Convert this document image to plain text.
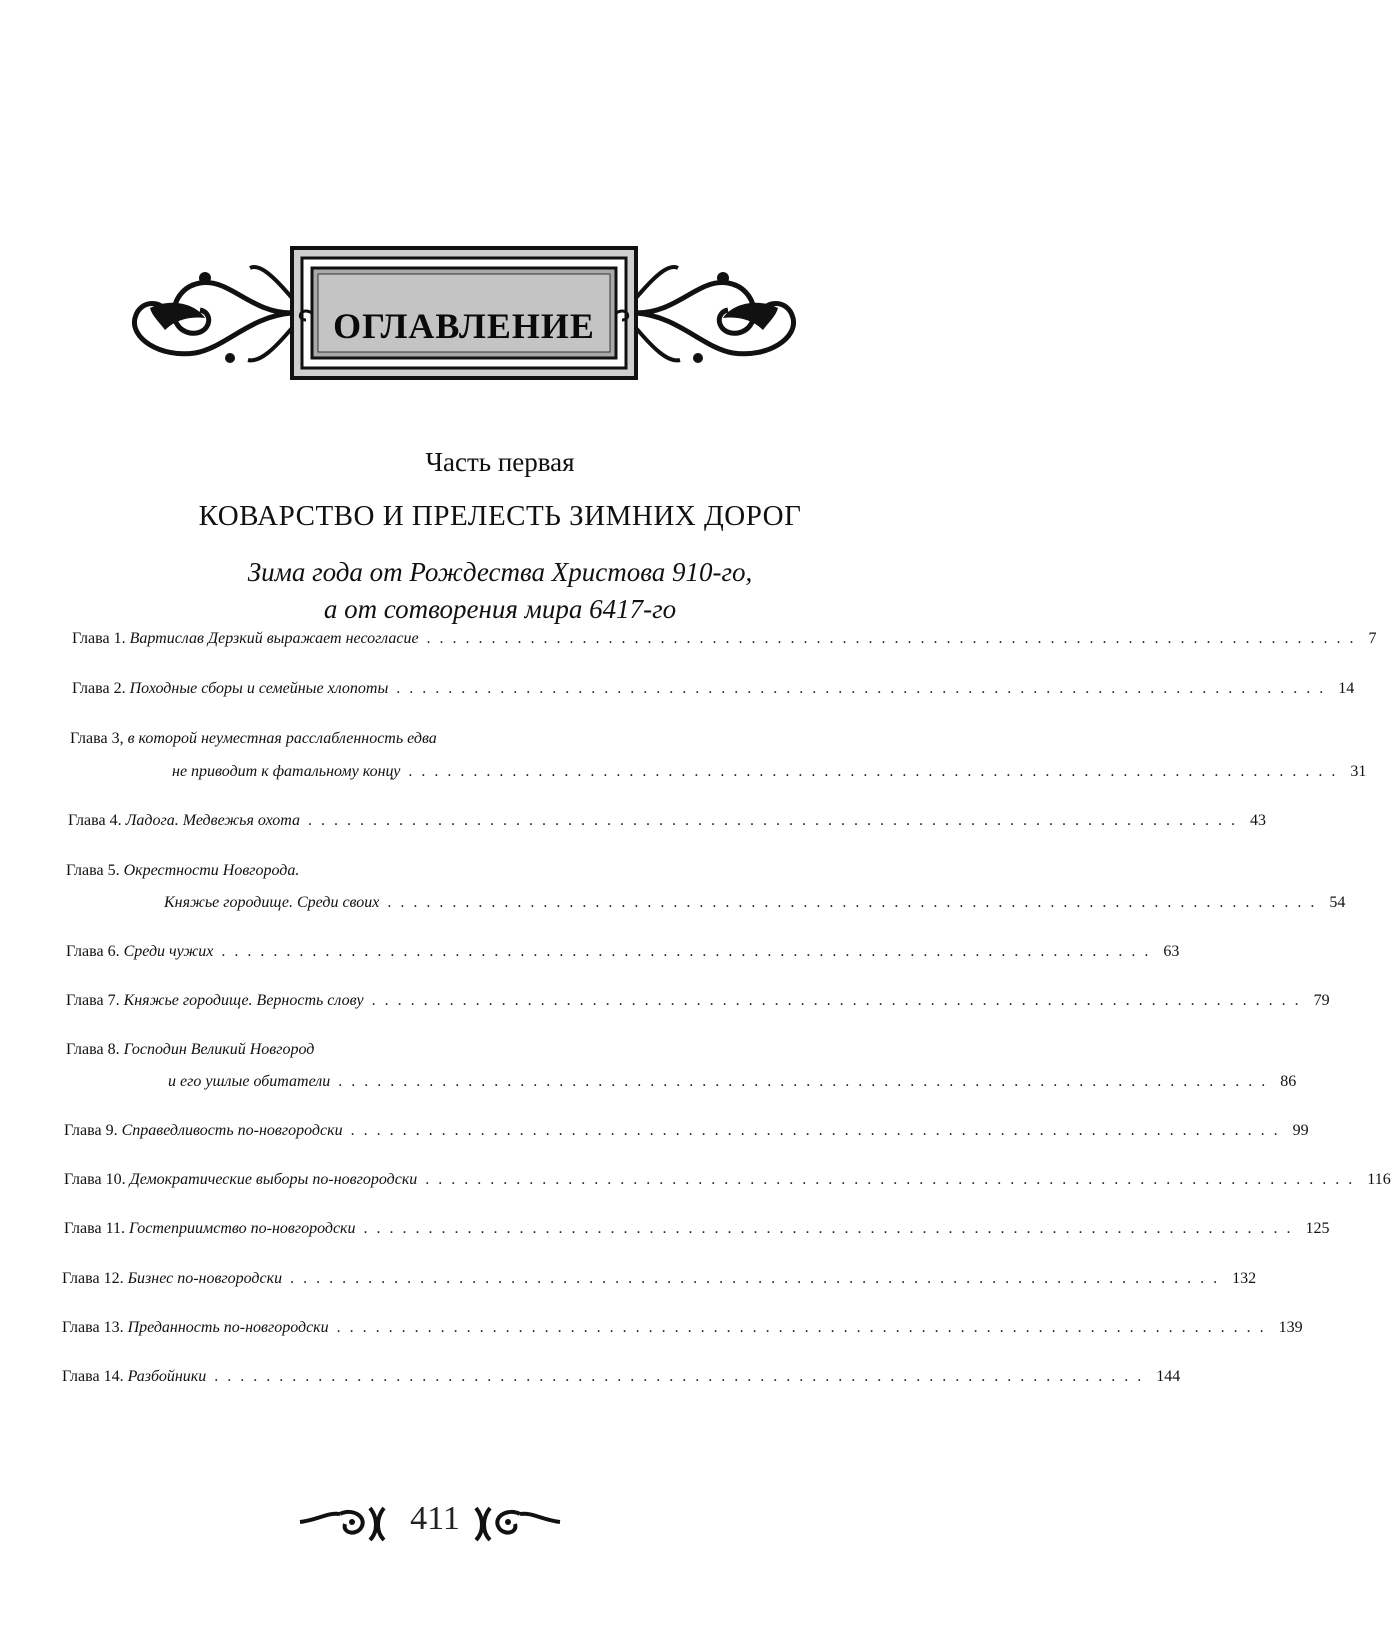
ОГЛАВЛЕНИЕ
Часть первая
КОВАРСТВО И ПРЕЛЕСТЬ ЗИМНИХ ДОРОГ
Зима года от Рождества Христова 910-го,
а от сотворения мира 6417-го
Глава 1.
Вартислав Дерзкий выражает несогласие ........................................................................ 7
Глава 2.
Походные сборы и семейные хлопоты ........................................................................ 14
Глава 3,
в которой неуместная расслабленность едва
не приводит к фатальному концу ........................................................................ 31
Глава 4.
Ладога. Медвежья охота ........................................................................ 43
Глава 5.
Окрестности Новгорода.
Княжье городище. Среди своих ........................................................................ 54
Глава 6.
Среди чужих ........................................................................ 63
Глава 7.
Княжье городище. Верность слову ........................................................................ 79
Глава 8.
Господин Великий Новгород
и его ушлые обитатели ........................................................................ 86
Глава 9.
Справедливость по-новгородски ........................................................................ 99
Глава 10.
Демократические выборы по-новгородски ........................................................................ 116
Глава 11.
Гостеприимство по-новгородски ........................................................................ 125
Глава 12.
Бизнес по-новгородски ........................................................................ 132
Глава 13.
Преданность по-новгородски ........................................................................ 139
Глава 14.
Разбойники ........................................................................ 144
411
